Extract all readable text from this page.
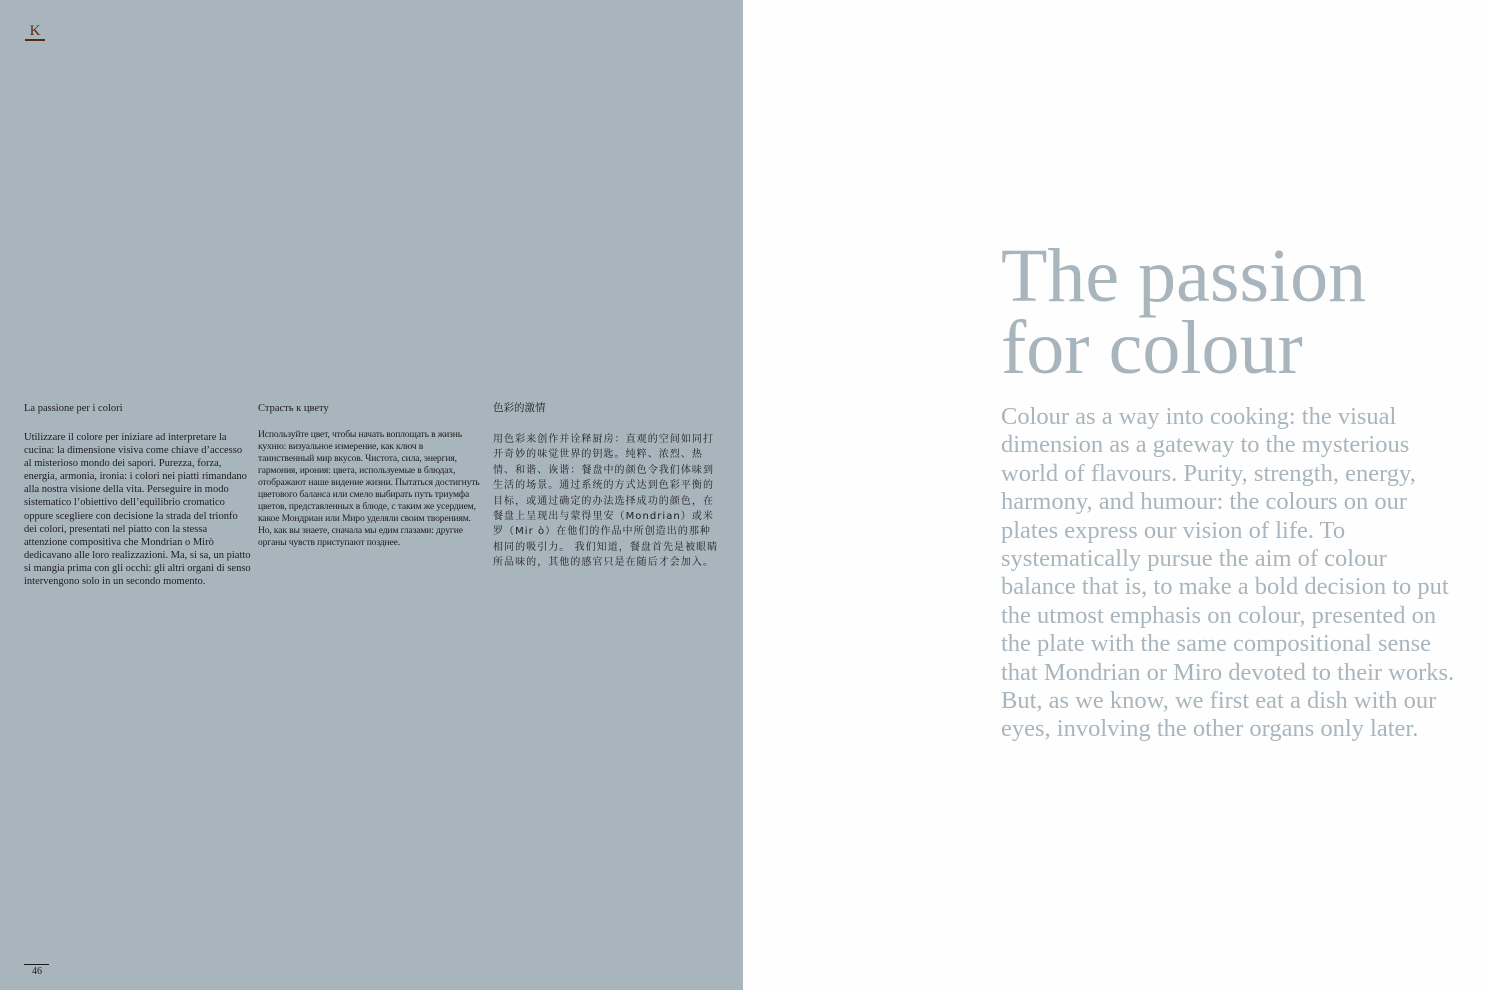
K
La passione per i colori

Utilizzare il colore per iniziare ad interpretare la cucina: la dimensione visiva come chiave d’accesso al misterioso mondo dei sapori. Purezza, forza, energia, armonia, ironia: i colori nei piatti rimandano alla nostra visione della vita. Perseguire in modo sistematico l’obiettivo dell’equilibrio cromatico oppure scegliere con decisione la strada del trionfo dei colori, presentati nel piatto con la stessa attenzione compositiva che Mondrian o Mirò dedicavano alle loro realizzazioni. Ma, si sa, un piatto si mangia prima con gli occhi: gli altri organi di senso intervengono solo in un secondo momento.

Страсть к цвету

Используйте цвет, чтобы начать воплощать в жизнь кухню: визуальное измерение, как ключ в таинственный мир вкусов. Чистота, сила, энергия, гармония, ирония: цвета, используемые в блюдах, отображают наше видение жизни. Пытаться достигнуть цветового баланса или смело выбирать путь триумфа цветов, представленных в блюде, с таким же усердием, какое Мондриан или Миро уделяли своим творениям. Но, как вы знаете, сначала мы едим глазами: другие органы чувств приступают позднее.

色彩的激情

用色彩来创作并诠释厨房：直观的空间如同打开奇妙的味觉世界的钥匙。纯粹、浓烈、热情、和谐、诙谐：餐盘中的颜色令我们体味到生活的场景。通过系统的方式达到色彩平衡的目标，或通过确定的办法选择成功的颜色，在餐盘上呈现出与蒙得里安（Mondrian）或米罗（Mir ò）在他们的作品中所创造出的那种相同的吸引力。 我们知道，餐盘首先是被眼睛所品味的，其他的感官只是在随后才会加入。

46
The passion
for colour

Colour as a way into cooking: the visual dimension as a gateway to the mysterious world of flavours. Purity, strength, energy, harmony, and humour: the colours on our plates express our vision of life. To systematically pursue the aim of colour balance that is, to make a bold decision to put the utmost emphasis on colour, presented on the plate with the same compositional sense that Mondrian or Miro devoted to their works. But, as we know, we first eat a dish with our eyes, involving the other organs only later.
